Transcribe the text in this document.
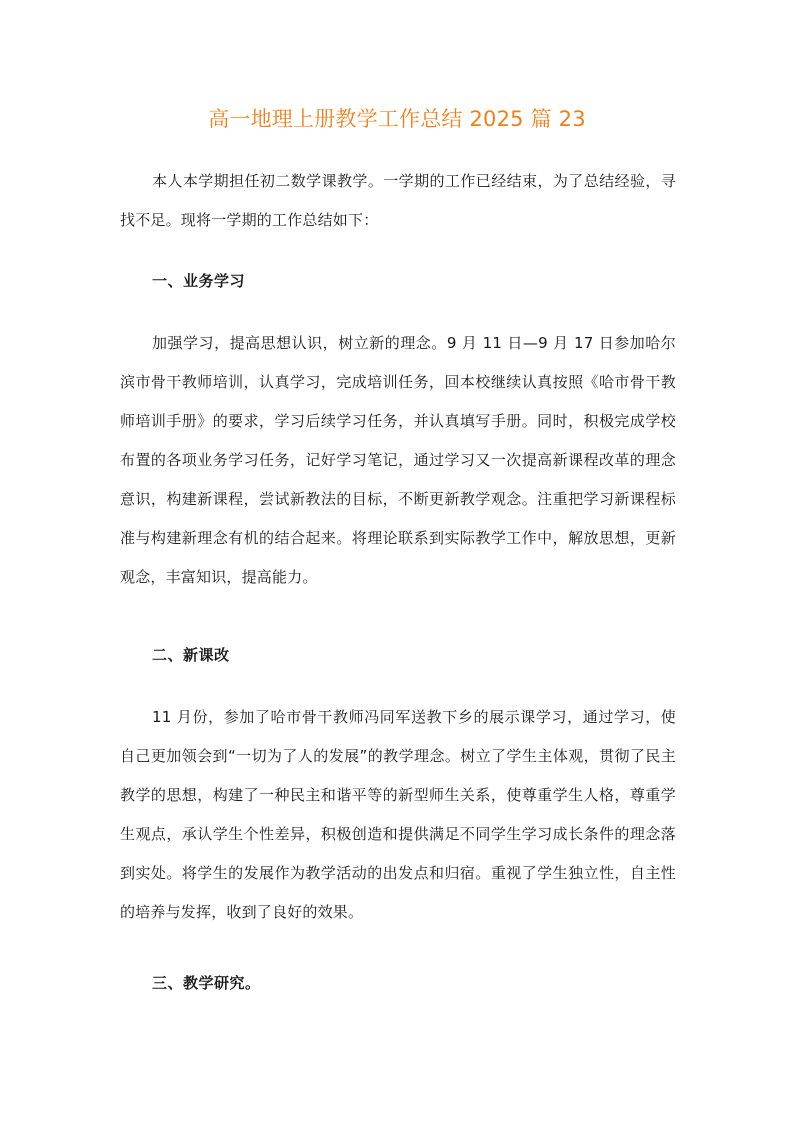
高一地理上册教学工作总结 2025 篇 23

本人本学期担任初二数学课教学。一学期的工作已经结束，为了总结经验，寻找不足。现将一学期的工作总结如下：

一、业务学习

加强学习，提高思想认识，树立新的理念。9 月 11 日—9 月 17 日参加哈尔滨市骨干教师培训，认真学习，完成培训任务，回本校继续认真按照《哈市骨干教师培训手册》的要求，学习后续学习任务，并认真填写手册。同时，积极完成学校布置的各项业务学习任务，记好学习笔记，通过学习又一次提高新课程改革的理念意识，构建新课程，尝试新教法的目标，不断更新教学观念。注重把学习新课程标准与构建新理念有机的结合起来。将理论联系到实际教学工作中，解放思想，更新观念，丰富知识，提高能力。

二、新课改

11 月份，参加了哈市骨干教师冯同军送教下乡的展示课学习，通过学习，使自己更加领会到“一切为了人的发展”的教学理念。树立了学生主体观，贯彻了民主教学的思想，构建了一种民主和谐平等的新型师生关系，使尊重学生人格，尊重学生观点，承认学生个性差异，积极创造和提供满足不同学生学习成长条件的理念落到实处。将学生的发展作为教学活动的出发点和归宿。重视了学生独立性，自主性的培养与发挥，收到了良好的效果。

三、教学研究。
